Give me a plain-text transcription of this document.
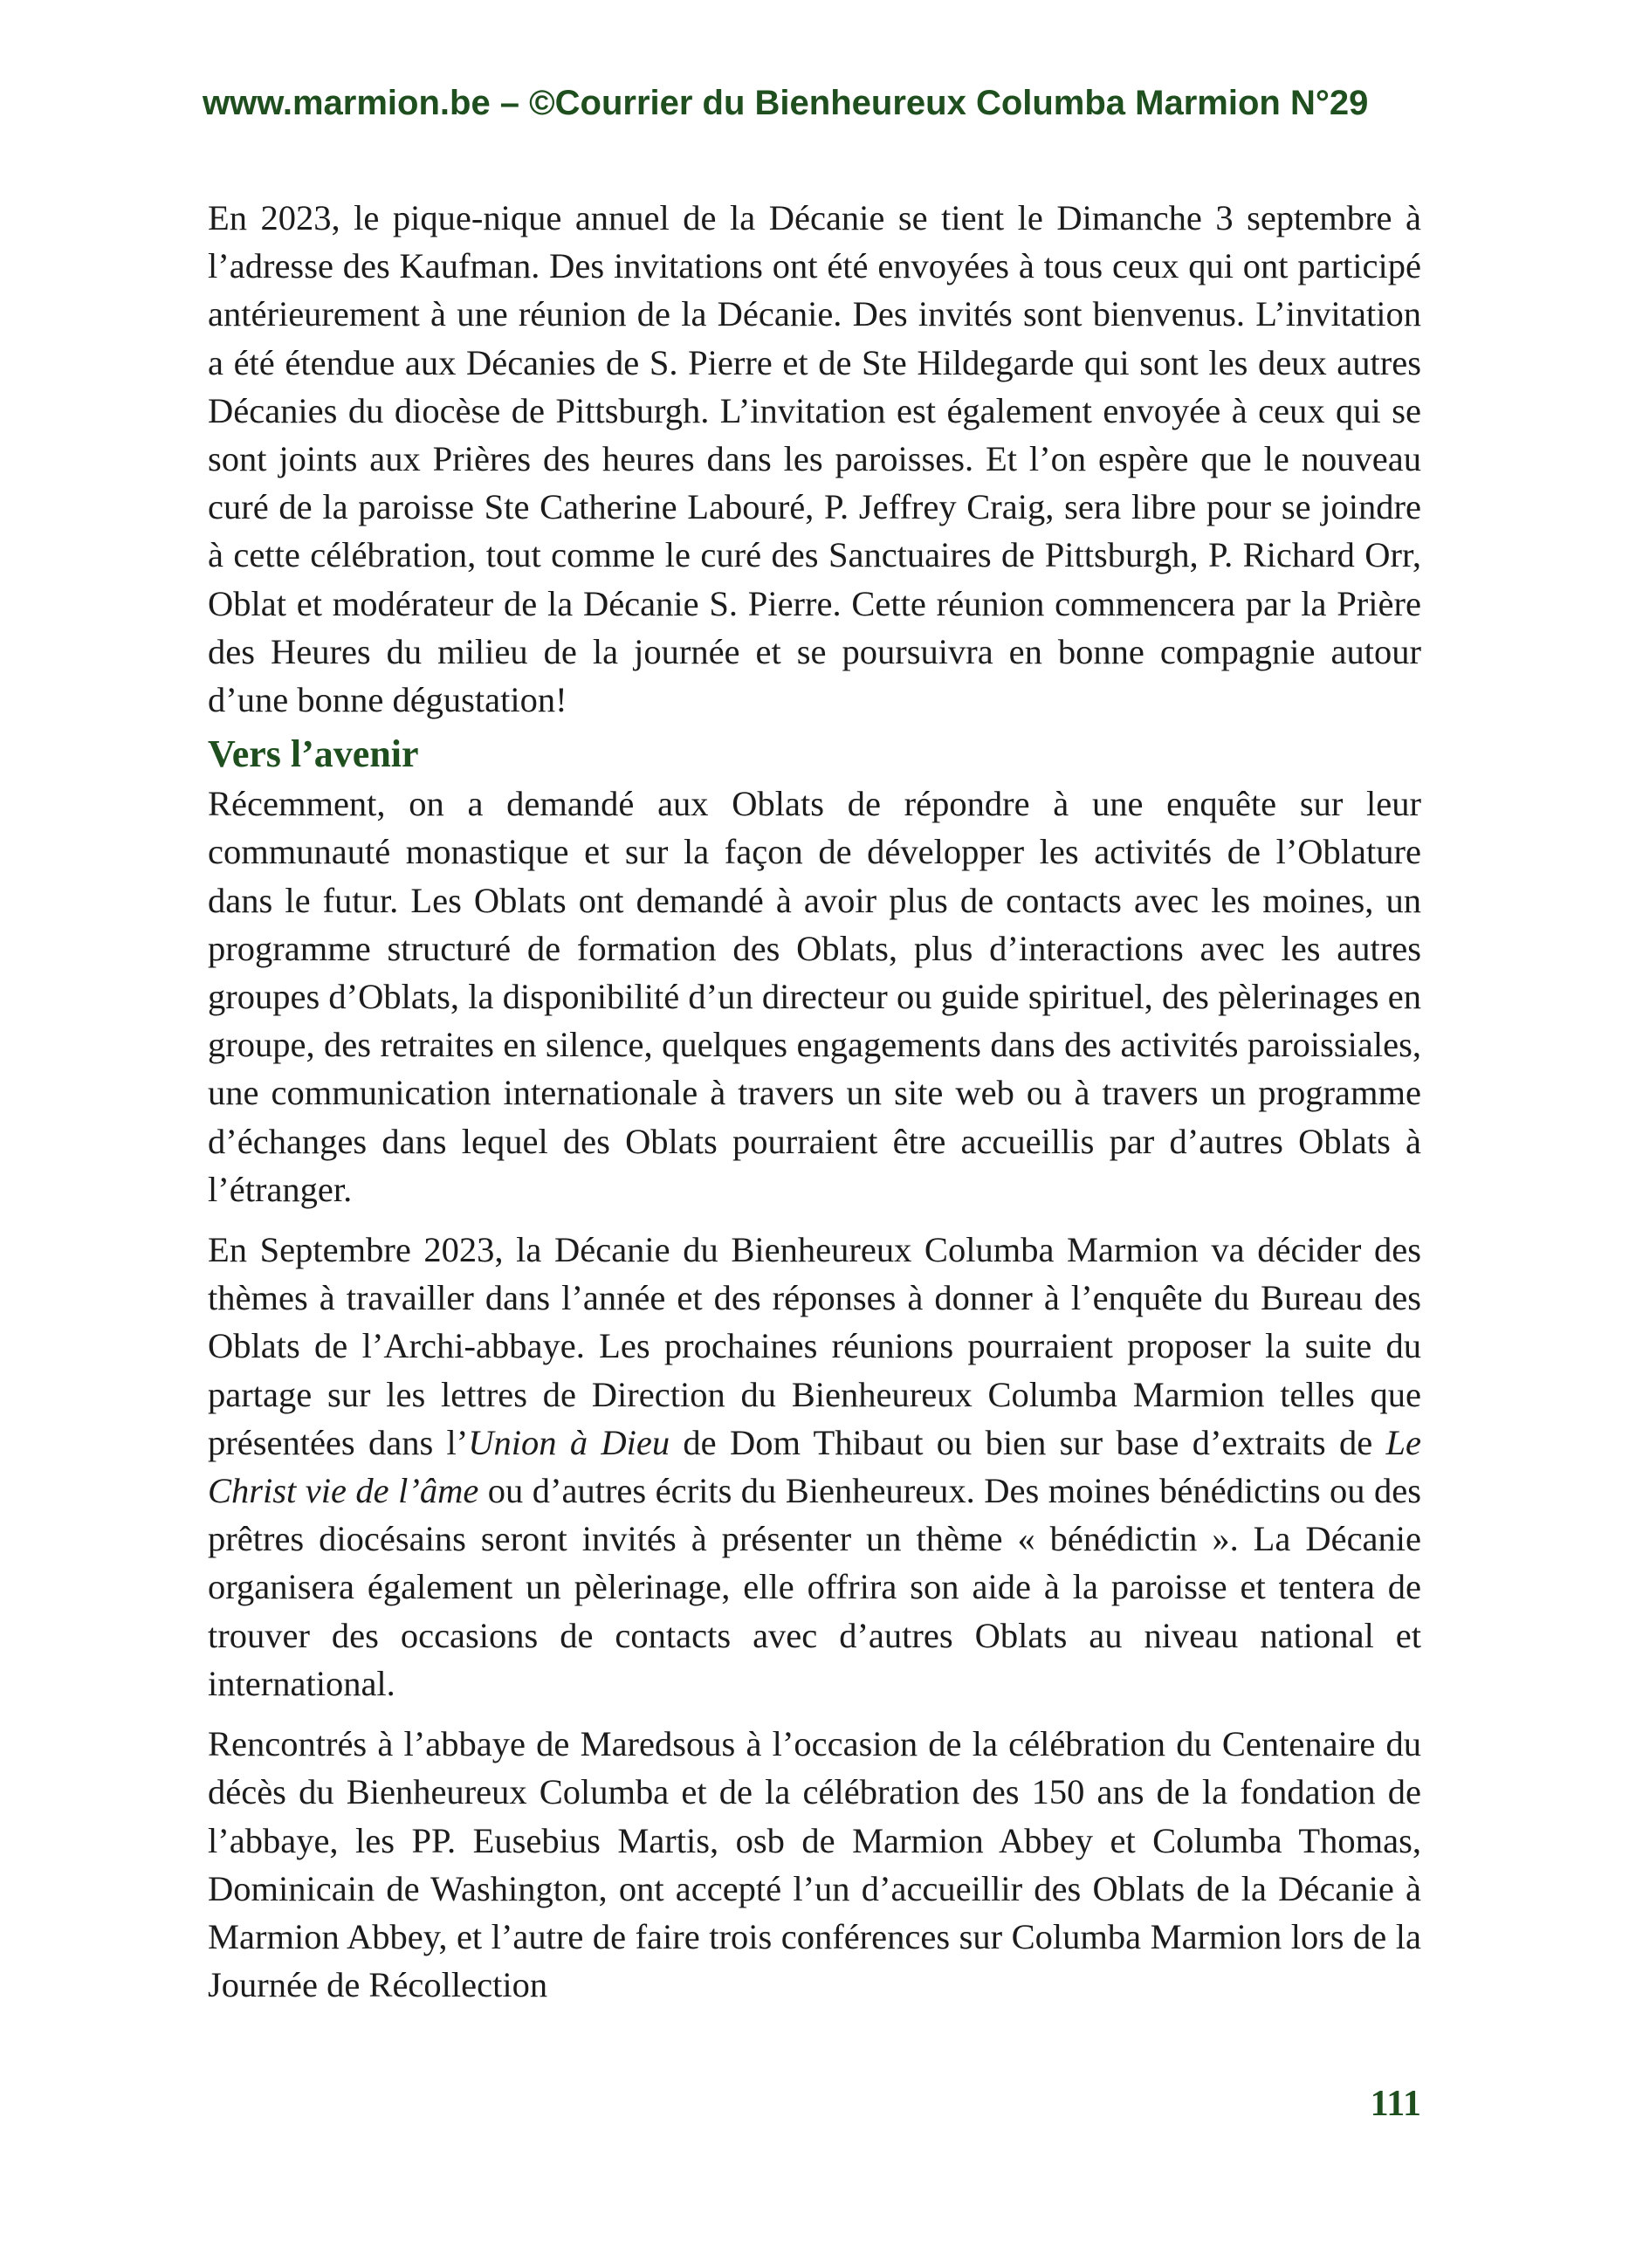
www.marmion.be – ©Courrier du Bienheureux Columba Marmion N°29

En 2023, le pique-nique annuel de la Décanie se tient le Dimanche 3 septembre à l’adresse des Kaufman. Des invitations ont été envoyées à tous ceux qui ont participé antérieurement à une réunion de la Décanie. Des invités sont bienvenus. L’invitation a été étendue aux Décanies de S. Pierre et de Ste Hildegarde qui sont les deux autres Décanies du diocèse de Pittsburgh. L’invitation est également envoyée à ceux qui se sont joints aux Prières des heures dans les paroisses. Et l’on espère que le nouveau curé de la paroisse Ste Catherine Labouré, P. Jeffrey Craig, sera libre pour se joindre à cette célébration, tout comme le curé des Sanctuaires de Pittsburgh, P. Richard Orr, Oblat et modérateur de la Décanie S. Pierre. Cette réunion commencera par la Prière des Heures du milieu de la journée et se poursuivra en bonne compagnie autour d’une bonne dégustation!

Vers l’avenir

Récemment, on a demandé aux Oblats de répondre à une enquête sur leur communauté monastique et sur la façon de développer les activités de l’Oblature dans le futur. Les Oblats ont demandé à avoir plus de contacts avec les moines, un programme structuré de formation des Oblats, plus d’interactions avec les autres groupes d’Oblats, la disponibilité d’un directeur ou guide spirituel, des pèlerinages en groupe, des retraites en silence, quelques engagements dans des activités paroissiales, une communication internationale à travers un site web ou à travers un programme d’échanges dans lequel des Oblats pourraient être accueillis par d’autres Oblats à l’étranger.

En Septembre 2023, la Décanie du Bienheureux Columba Marmion va décider des thèmes à travailler dans l’année et des réponses à donner à l’enquête du Bureau des Oblats de l’Archi-abbaye. Les prochaines réunions pourraient proposer la suite du partage sur les lettres de Direction du Bienheureux Columba Marmion telles que présentées dans l’Union à Dieu de Dom Thibaut ou bien sur base d’extraits de Le Christ vie de l’âme ou d’autres écrits du Bienheureux. Des moines bénédictins ou des prêtres diocésains seront invités à présenter un thème « bénédictin ». La Décanie organisera également un pèlerinage, elle offrira son aide à la paroisse et tentera de trouver des occasions de contacts avec d’autres Oblats au niveau national et international.

Rencontrés à l’abbaye de Maredsous à l’occasion de la célébration du Centenaire du décès du Bienheureux Columba et de la célébration des 150 ans de la fondation de l’abbaye, les PP. Eusebius Martis, osb de Marmion Abbey et Columba Thomas, Dominicain de Washington, ont accepté l’un d’accueillir des Oblats de la Décanie à Marmion Abbey, et l’autre de faire trois conférences sur Columba Marmion lors de la Journée de Récollection

111
